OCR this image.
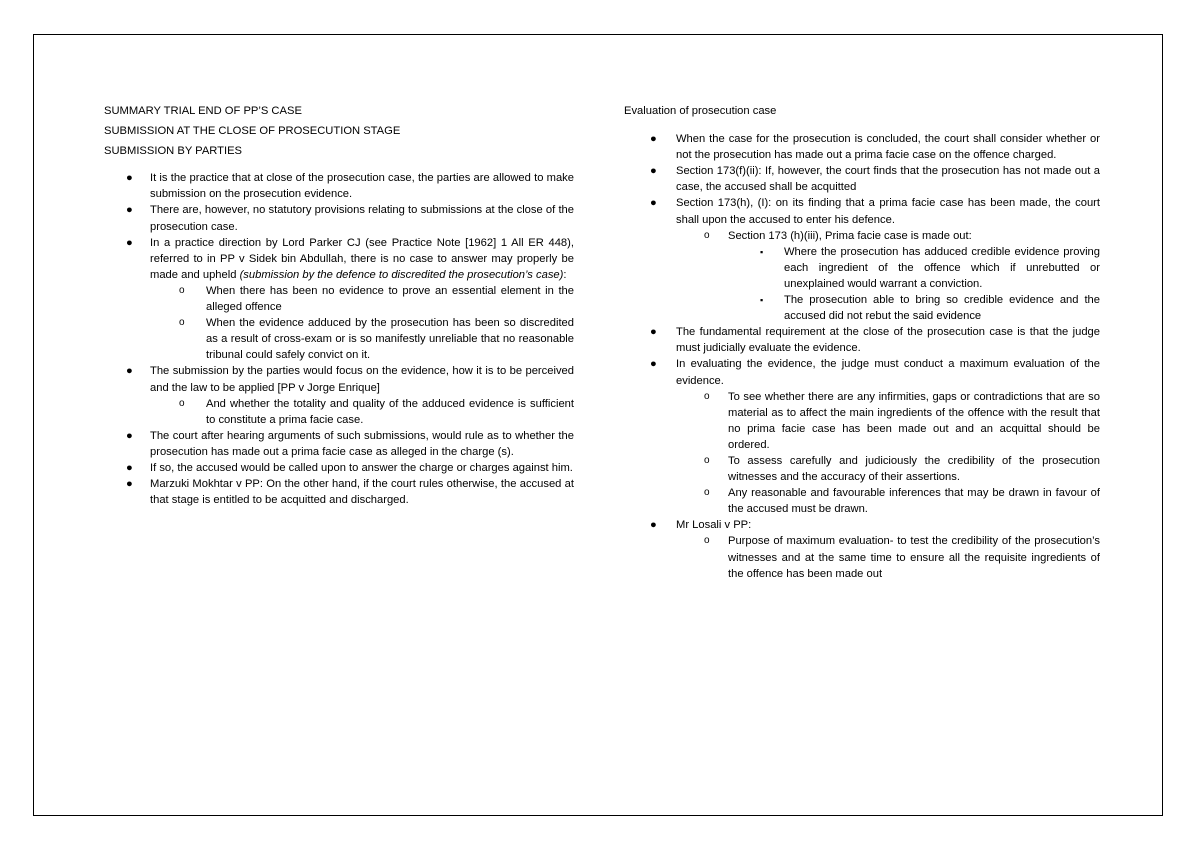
SUMMARY TRIAL END OF PP’S CASE

SUBMISSION AT THE CLOSE OF PROSECUTION STAGE

SUBMISSION BY PARTIES

● It is the practice that at close of the prosecution case, the parties are allowed to make submission on the prosecution evidence.
● There are, however, no statutory provisions relating to submissions at the close of the prosecution case.
● In a practice direction by Lord Parker CJ (see Practice Note [1962] 1 All ER 448), referred to in PP v Sidek bin Abdullah, there is no case to answer may properly be made and upheld (submission by the defence to discredited the prosecution’s case):
o When there has been no evidence to prove an essential element in the alleged offence
o When the evidence adduced by the prosecution has been so discredited as a result of cross-exam or is so manifestly unreliable that no reasonable tribunal could safely convict on it.
● The submission by the parties would focus on the evidence, how it is to be perceived and the law to be applied [PP v Jorge Enrique]
o And whether the totality and quality of the adduced evidence is sufficient to constitute a prima facie case.
● The court after hearing arguments of such submissions, would rule as to whether the prosecution has made out a prima facie case as alleged in the charge (s).
● If so, the accused would be called upon to answer the charge or charges against him.
● Marzuki Mokhtar v PP: On the other hand, if the court rules otherwise, the accused at that stage is entitled to be acquitted and discharged.

Evaluation of prosecution case

● When the case for the prosecution is concluded, the court shall consider whether or not the prosecution has made out a prima facie case on the offence charged.
● Section 173(f)(ii): If, however, the court finds that the prosecution has not made out a case, the accused shall be acquitted
● Section 173(h), (I): on its finding that a prima facie case has been made, the court shall upon the accused to enter his defence.
o Section 173 (h)(iii), Prima facie case is made out:
▪ Where the prosecution has adduced credible evidence proving each ingredient of the offence which if unrebutted or unexplained would warrant a conviction.
▪ The prosecution able to bring so credible evidence and the accused did not rebut the said evidence
● The fundamental requirement at the close of the prosecution case is that the judge must judicially evaluate the evidence.
● In evaluating the evidence, the judge must conduct a maximum evaluation of the evidence.
o To see whether there are any infirmities, gaps or contradictions that are so material as to affect the main ingredients of the offence with the result that no prima facie case has been made out and an acquittal should be ordered.
o To assess carefully and judiciously the credibility of the prosecution witnesses and the accuracy of their assertions.
o Any reasonable and favourable inferences that may be drawn in favour of the accused must be drawn.
● Mr Losali v PP:
o Purpose of maximum evaluation- to test the credibility of the prosecution’s witnesses and at the same time to ensure all the requisite ingredients of the offence has been made out
